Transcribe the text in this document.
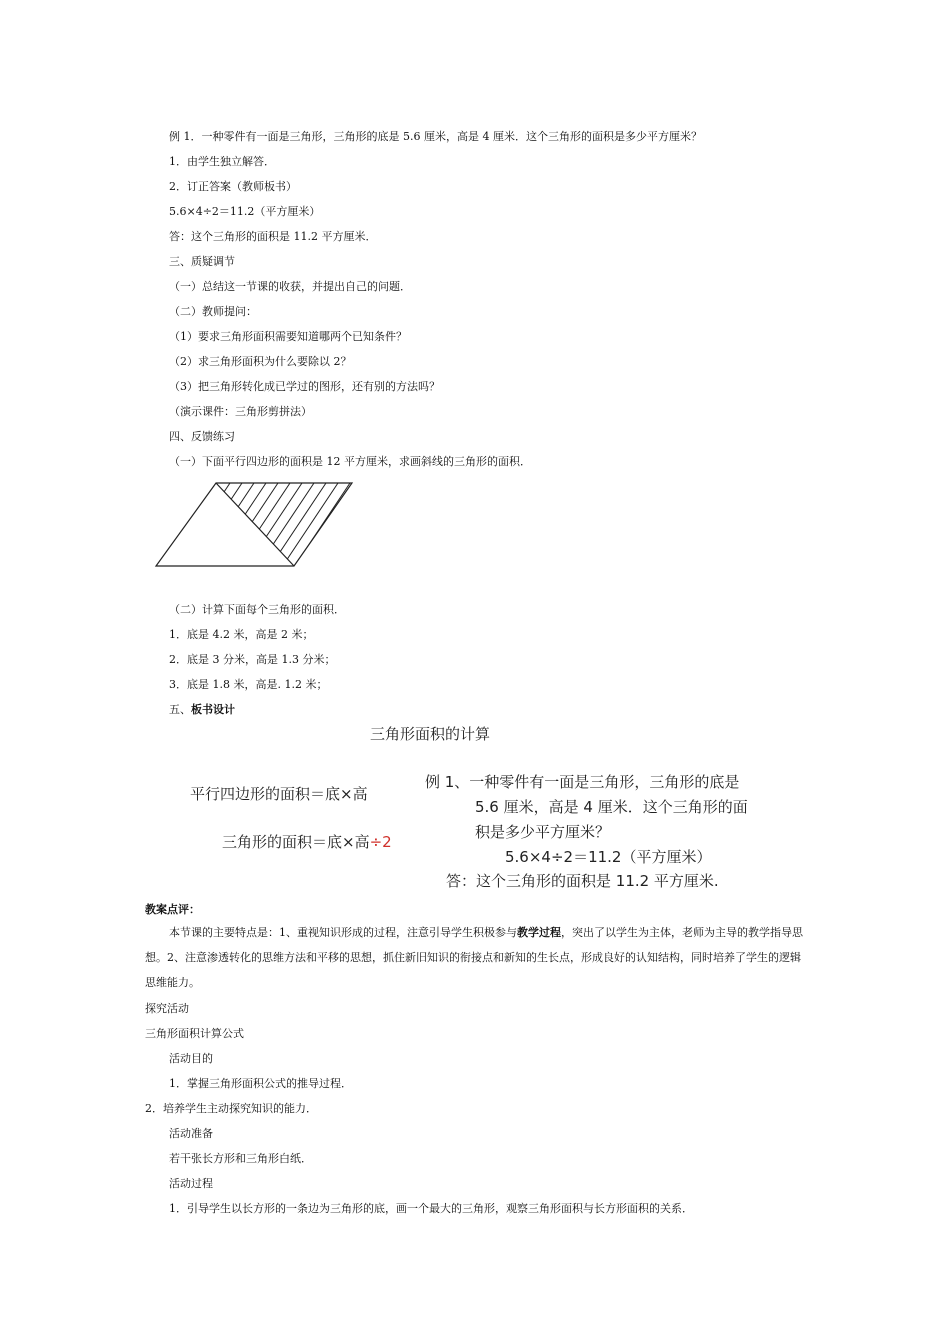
例 1．一种零件有一面是三角形，三角形的底是 5.6 厘米，高是 4 厘米．这个三角形的面积是多少平方厘米？
1．由学生独立解答．
2．订正答案（教师板书）
5.6×4÷2＝11.2（平方厘米）
答：这个三角形的面积是 11.2 平方厘米．
三、质疑调节
（一）总结这一节课的收获，并提出自己的问题．
（二）教师提问：
（1）要求三角形面积需要知道哪两个已知条件？
（2）求三角形面积为什么要除以 2？
（3）把三角形转化成已学过的图形，还有别的方法吗？
（演示课件：三角形剪拼法）
四、反馈练习
（一）下面平行四边形的面积是 12 平方厘米，求画斜线的三角形的面积．
（二）计算下面每个三角形的面积．
1．底是 4.2 米，高是 2 米；
2．底是 3 分米，高是 1.3 分米；
3．底是 1.8 米，高是. 1.2 米；
五、板书设计
三角形面积的计算
平行四边形的面积＝底×高
三角形的面积＝底×高÷2
例 1、一种零件有一面是三角形，三角形的底是
5.6 厘米，高是 4 厘米．这个三角形的面
积是多少平方厘米？
5.6×4÷2＝11.2（平方厘米）
答：这个三角形的面积是 11.2 平方厘米.
教案点评：
本节课的主要特点是：1、重视知识形成的过程，注意引导学生积极参与教学过程，突出了以学生为主体，老师为主导的教学指导思想。2、注意渗透转化的思维方法和平移的思想，抓住新旧知识的衔接点和新知的生长点，形成良好的认知结构，同时培养了学生的逻辑思维能力。
探究活动
三角形面积计算公式
活动目的
1．掌握三角形面积公式的推导过程．
2．培养学生主动探究知识的能力．
活动准备
若干张长方形和三角形白纸．
活动过程
1．引导学生以长方形的一条边为三角形的底，画一个最大的三角形，观察三角形面积与长方形面积的关系．
